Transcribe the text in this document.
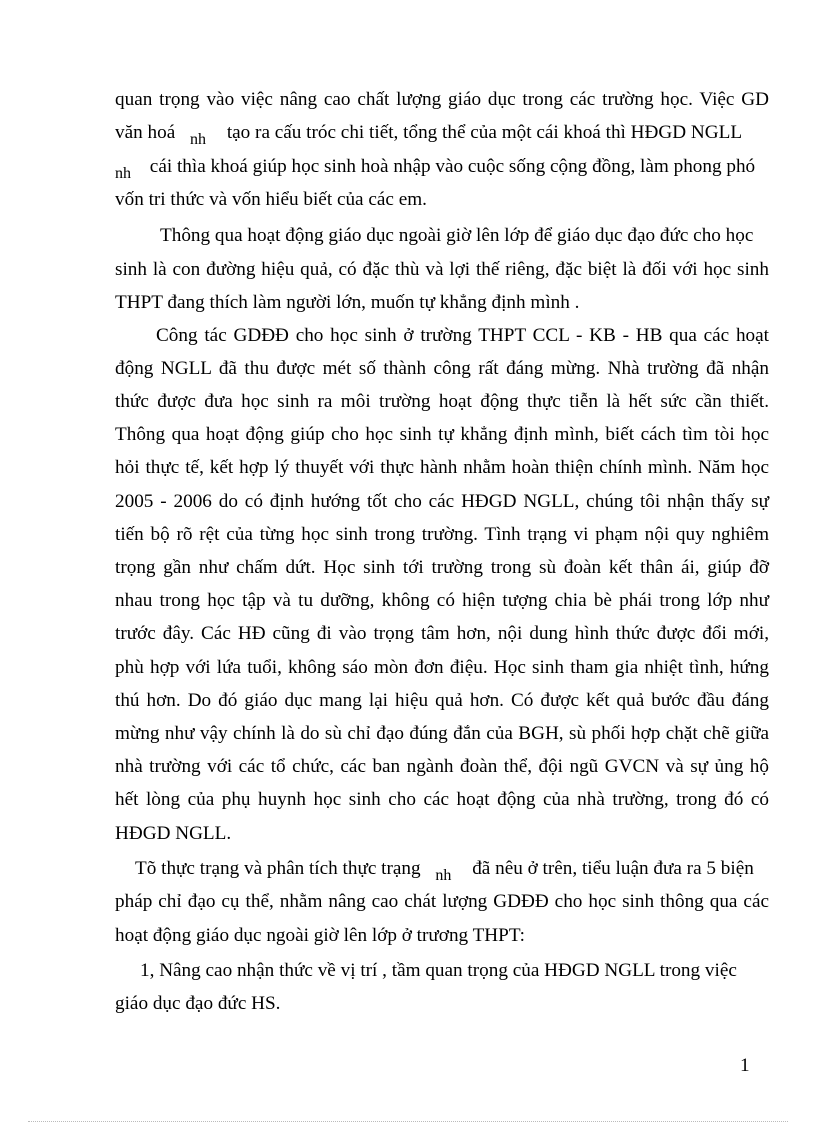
quan trọng vào việc nâng cao chất lượng giáo dục trong các trường học. Việc GD
văn hoá $_{nh}$ tạo ra cấu tróc chi tiết, tổng thể của một cái khoá thì HĐGD NGLL
$_{nh}$ cái thìa khoá giúp học sinh hoà nhập vào cuộc sống cộng đồng, làm phong phó
vốn tri thức và vốn hiểu biết của các em.
Thông qua hoạt động giáo dục ngoài giờ lên lớp để giáo dục đạo đức cho học
sinh là con đường hiệu quả, có đặc thù và lợi thế riêng, đặc biệt là đối với học sinh
THPT đang thích làm người lớn, muốn tự khẳng định mình .
Công tác GDĐĐ cho học sinh ở trường THPT CCL - KB - HB qua các hoạt
động NGLL đã thu được mét số thành công rất đáng mừng. Nhà trường đã nhận
thức được đưa học sinh ra môi trường hoạt động thực tiễn là hết sức cần thiết.
Thông qua hoạt động giúp cho học sinh tự khẳng định mình, biết cách tìm tòi học
hỏi thực tế, kết hợp lý thuyết với thực hành nhằm hoàn thiện chính mình. Năm học
2005 - 2006 do có định hướng tốt cho các HĐGD NGLL, chúng tôi nhận thấy sự
tiến bộ rõ rệt của từng học sinh trong trường. Tình trạng vi phạm nội quy nghiêm
trọng gần như chấm dứt. Học sinh tới trường trong sù đoàn kết thân ái, giúp đỡ
nhau trong học tập và tu dưỡng, không có hiện tượng chia bè phái trong lớp như
trước đây. Các HĐ cũng đi vào trọng tâm hơn, nội dung hình thức được đổi mới,
phù hợp với lứa tuổi, không sáo mòn đơn điệu. Học sinh tham gia nhiệt tình, hứng
thú hơn. Do đó giáo dục mang lại hiệu quả hơn. Có được kết quả bước đầu đáng
mừng như vậy chính là do sù chỉ đạo đúng đắn của BGH, sù phối hợp chặt chẽ giữa
nhà trường với các tổ chức, các ban ngành đoàn thể, đội ngũ GVCN và sự ủng hộ
hết lòng của phụ huynh học sinh cho các hoạt động của nhà trường, trong đó có
HĐGD NGLL.
Tõ thực trạng và phân tích thực trạng $_{nh}$ đã nêu ở trên, tiểu luận đưa ra 5 biện
pháp chỉ đạo cụ thể, nhằm nâng cao chát lượng GDĐĐ cho học sinh thông qua các
hoạt động giáo dục ngoài giờ lên lớp ở trương THPT:
1, Nâng cao nhận thức về vị trí , tầm quan trọng của HĐGD NGLL trong việc
giáo dục đạo đức HS.
1
